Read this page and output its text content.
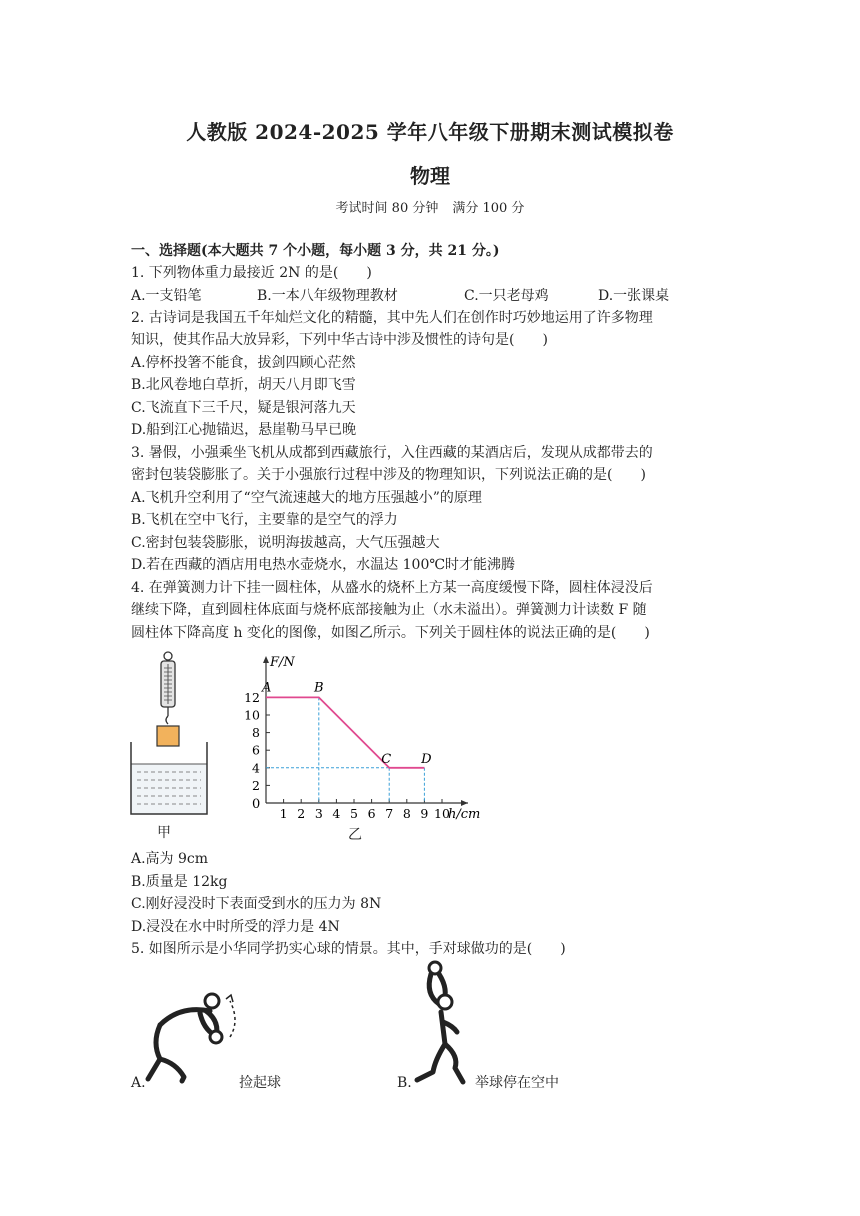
人教版 2024-2025 学年八年级下册期末测试模拟卷
物理
考试时间 80 分钟 满分 100 分
一、选择题(本大题共 7 个小题，每小题 3 分，共 21 分。)
1. 下列物体重力最接近 2N 的是(　　)
A.一支铅笔	B.一本八年级物理教材	C.一只老母鸡	D.一张课桌
2. 古诗词是我国五千年灿烂文化的精髓，其中先人们在创作时巧妙地运用了许多物理
知识，使其作品大放异彩，下列中华古诗中涉及惯性的诗句是(　　)
A.停杯投箸不能食，拔剑四顾心茫然
B.北风卷地白草折，胡天八月即飞雪
C.飞流直下三千尺，疑是银河落九天
D.船到江心抛锚迟，悬崖勒马早已晚
3. 暑假，小强乘坐飞机从成都到西藏旅行，入住西藏的某酒店后，发现从成都带去的
密封包装袋膨胀了。关于小强旅行过程中涉及的物理知识，下列说法正确的是(　　)
A.飞机升空利用了“空气流速越大的地方压强越小”的原理
B.飞机在空中飞行，主要靠的是空气的浮力
C.密封包装袋膨胀，说明海拔越高，大气压强越大
D.若在西藏的酒店用电热水壶烧水，水温达 100℃时才能沸腾
4. 在弹簧测力计下挂一圆柱体，从盛水的烧杯上方某一高度缓慢下降，圆柱体浸没后
继续下降，直到圆柱体底面与烧杯底部接触为止（水未溢出）。弹簧测力计读数 F 随
圆柱体下降高度 h 变化的图像，如图乙所示。下列关于圆柱体的说法正确的是(　　)
甲
F/N
h/cm
0
1 2 3 4 5 6 7 8 9 10
2
4
6
8
10
12
A	B
C D
乙
A.高为 9cm
B.质量是 12kg
C.刚好浸没时下表面受到水的压力为 8N
D.浸没在水中时所受的浮力是 4N
5. 如图所示是小华同学扔实心球的情景。其中，手对球做功的是(　　)
A.	捡起球	B.	举球停在空中
